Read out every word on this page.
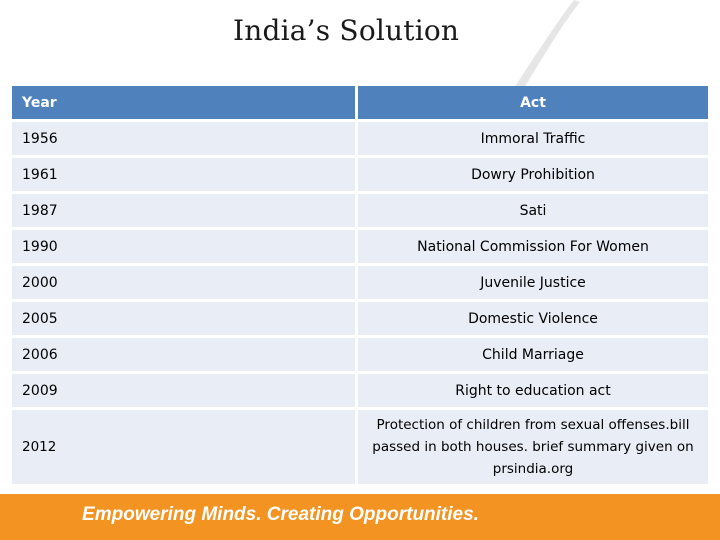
India’s Solution
Year	Act
1956	Immoral Traffic
1961	Dowry Prohibition
1987	Sati
1990	National Commission For Women
2000	Juvenile Justice
2005	Domestic Violence
2006	Child Marriage
2009	Right to education act
2012	Protection of children from sexual offenses.bill passed in both houses. brief summary given on prsindia.org
Empowering Minds. Creating Opportunities.
